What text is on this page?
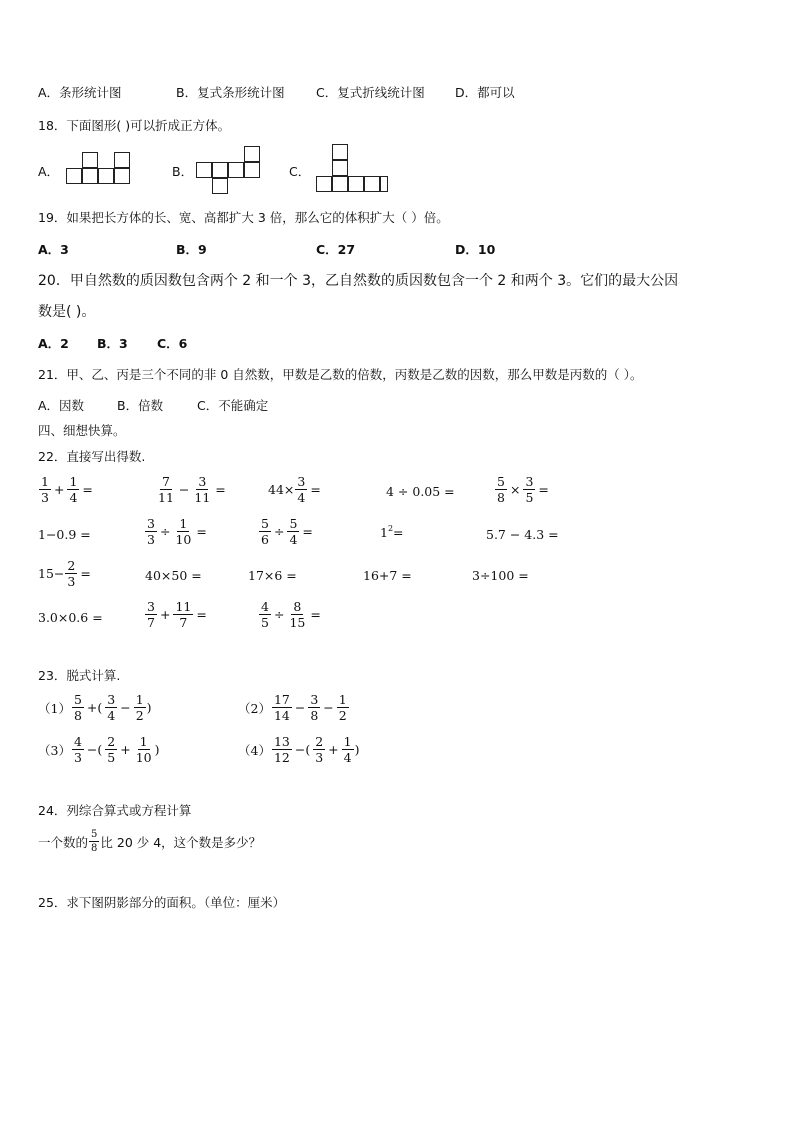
A．条形统计图	B．复式条形统计图	C．复式折线统计图 D．都可以
18．下面图形( )可以折成正方体。
A．	B．	C．
19．如果把长方体的长、宽、高都扩大 3 倍，那么它的体积扩大（ ）倍。
A．3	B．9	C．27	D．10
20．甲自然数的质因数包含两个 2 和一个 3，乙自然数的质因数包含一个 2 和两个 3。它们的最大公因
数是( )。
A．2 B．3 C．6
21．甲、乙、丙是三个不同的非 0 自然数，甲数是乙数的倍数，丙数是乙数的因数，那么甲数是丙数的（ ）。
A．因数	B．倍数	C．不能确定
四、细想快算。
22．直接写出得数.
$\frac{1}{3} + \frac{1}{4}$ =	$\frac{7}{11} - \frac{3}{11}$ =	$44\times \frac{3}{4}$ =	4 ÷ 0.05 =	$\frac{5}{8} \times \frac{3}{5}$ =
1−0.9 =	$\frac{3}{3} \div \frac{1}{10}$ =	$\frac{5}{6} \div \frac{5}{4}$ =	$1^2$ =	5.7 − 4.3 =
$15- \frac{2}{3}$ =	40×50 =	17×6 =	16+7 =	3÷100 =
3.0×0.6 =	$\frac{3}{7} + \frac{11}{7}$ =	$\frac{4}{5} \div \frac{8}{15}$ =
23．脱式计算.
$(1) \frac{5}{8}$ +( $\frac{3}{4} - \frac{1}{2}$ )	$(2) \frac{17}{14} - \frac{3}{8} - \frac{1}{2}$
$(3) \frac{4}{3}$ −( $\frac{2}{5} + \frac{1}{10}$ )	$(4) \frac{13}{12}$ −( $\frac{2}{3} + \frac{1}{4}$ )
24．列综合算式或方程计算
一个数的 $\frac{5}{8}$ 比 20 少 4，这个数是多少？
25．求下图阴影部分的面积。（单位：厘米）
